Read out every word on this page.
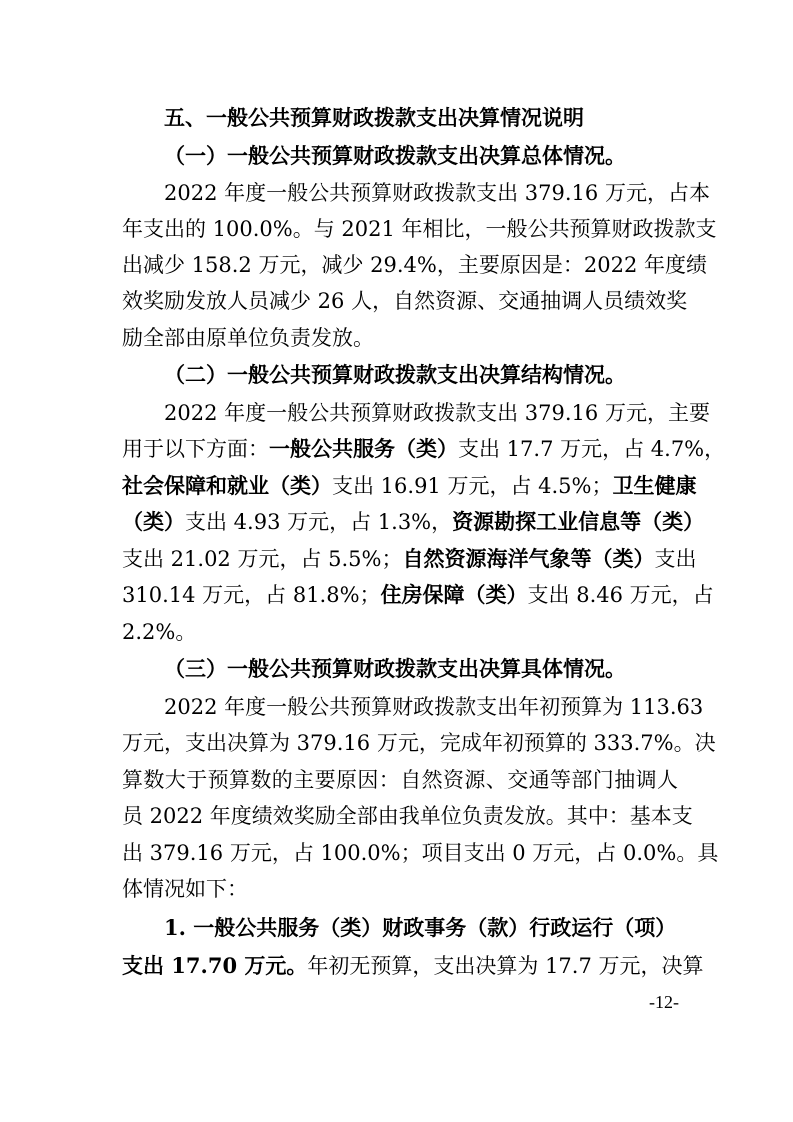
五、一般公共预算财政拨款支出决算情况说明
（一）一般公共预算财政拨款支出决算总体情况。
2022 年度一般公共预算财政拨款支出 379.16 万元，占本
年支出的 100.0%。与 2021 年相比，一般公共预算财政拨款支
出减少 158.2 万元，减少 29.4%，主要原因是：2022 年度绩
效奖励发放人员减少 26 人，自然资源、交通抽调人员绩效奖
励全部由原单位负责发放。
（二）一般公共预算财政拨款支出决算结构情况。
2022 年度一般公共预算财政拨款支出 379.16 万元，主要
用于以下方面：一般公共服务（类）支出 17.7 万元，占 4.7%，
社会保障和就业（类）支出 16.91 万元，占 4.5%；卫生健康
（类）支出 4.93 万元，占 1.3%，资源勘探工业信息等（类）
支出 21.02 万元，占 5.5%；自然资源海洋气象等（类）支出
310.14 万元，占 81.8%；住房保障（类）支出 8.46 万元，占
2.2%。
（三）一般公共预算财政拨款支出决算具体情况。
2022 年度一般公共预算财政拨款支出年初预算为 113.63
万元，支出决算为 379.16 万元，完成年初预算的 333.7%。决
算数大于预算数的主要原因：自然资源、交通等部门抽调人
员 2022 年度绩效奖励全部由我单位负责发放。其中：基本支
出 379.16 万元，占 100.0%；项目支出 0 万元，占 0.0%。具
体情况如下：
1. 一般公共服务（类）财政事务（款）行政运行（项）
支出 17.70 万元。年初无预算，支出决算为 17.7 万元，决算
-12-
